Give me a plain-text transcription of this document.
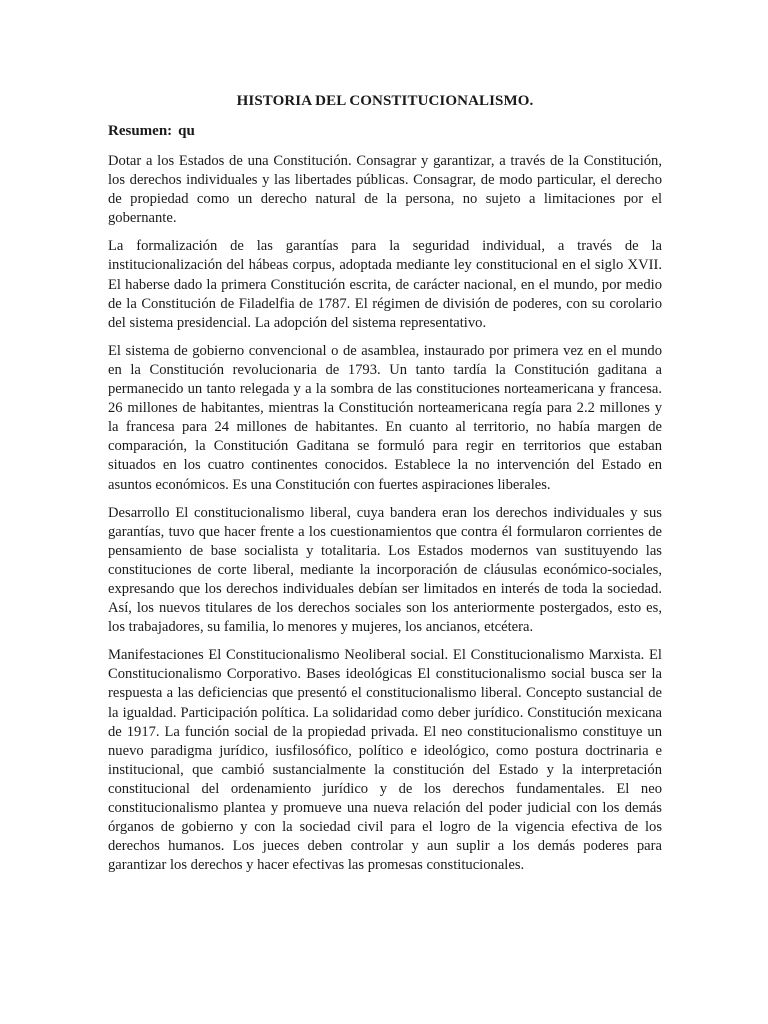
HISTORIA DEL CONSTITUCIONALISMO.
Resumen: qu

Dotar a los Estados de una Constitución. Consagrar y garantizar, a través de la Constitución, los derechos individuales y las libertades públicas. Consagrar, de modo particular, el derecho de propiedad como un derecho natural de la persona, no sujeto a limitaciones por el gobernante.

La formalización de las garantías para la seguridad individual, a través de la institucionalización del hábeas corpus, adoptada mediante ley constitucional en el siglo XVII. El haberse dado la primera Constitución escrita, de carácter nacional, en el mundo, por medio de la Constitución de Filadelfia de 1787. El régimen de división de poderes, con su corolario del sistema presidencial. La adopción del sistema representativo.

El sistema de gobierno convencional o de asamblea, instaurado por primera vez en el mundo en la Constitución revolucionaria de 1793. Un tanto tardía la Constitución gaditana a permanecido un tanto relegada y a la sombra de las constituciones norteamericana y francesa. 26 millones de habitantes, mientras la Constitución norteamericana regía para 2.2 millones y la francesa para 24 millones de habitantes. En cuanto al territorio, no había margen de comparación, la Constitución Gaditana se formuló para regir en territorios que estaban situados en los cuatro continentes conocidos. Establece la no intervención del Estado en asuntos económicos. Es una Constitución con fuertes aspiraciones liberales.

Desarrollo El constitucionalismo liberal, cuya bandera eran los derechos individuales y sus garantías, tuvo que hacer frente a los cuestionamientos que contra él formularon corrientes de pensamiento de base socialista y totalitaria. Los Estados modernos van sustituyendo las constituciones de corte liberal, mediante la incorporación de cláusulas económico-sociales, expresando que los derechos individuales debían ser limitados en interés de toda la sociedad. Así, los nuevos titulares de los derechos sociales son los anteriormente postergados, esto es, los trabajadores, su familia, lo menores y mujeres, los ancianos, etcétera.

Manifestaciones El Constitucionalismo Neoliberal social. El Constitucionalismo Marxista. El Constitucionalismo Corporativo. Bases ideológicas El constitucionalismo social busca ser la respuesta a las deficiencias que presentó el constitucionalismo liberal. Concepto sustancial de la igualdad. Participación política. La solidaridad como deber jurídico. Constitución mexicana de 1917. La función social de la propiedad privada. El neo constitucionalismo constituye un nuevo paradigma jurídico, iusfilosófico, político e ideológico, como postura doctrinaria e institucional, que cambió sustancialmente la constitución del Estado y la interpretación constitucional del ordenamiento jurídico y de los derechos fundamentales. El neo constitucionalismo plantea y promueve una nueva relación del poder judicial con los demás órganos de gobierno y con la sociedad civil para el logro de la vigencia efectiva de los derechos humanos. Los jueces deben controlar y aun suplir a los demás poderes para garantizar los derechos y hacer efectivas las promesas constitucionales.
